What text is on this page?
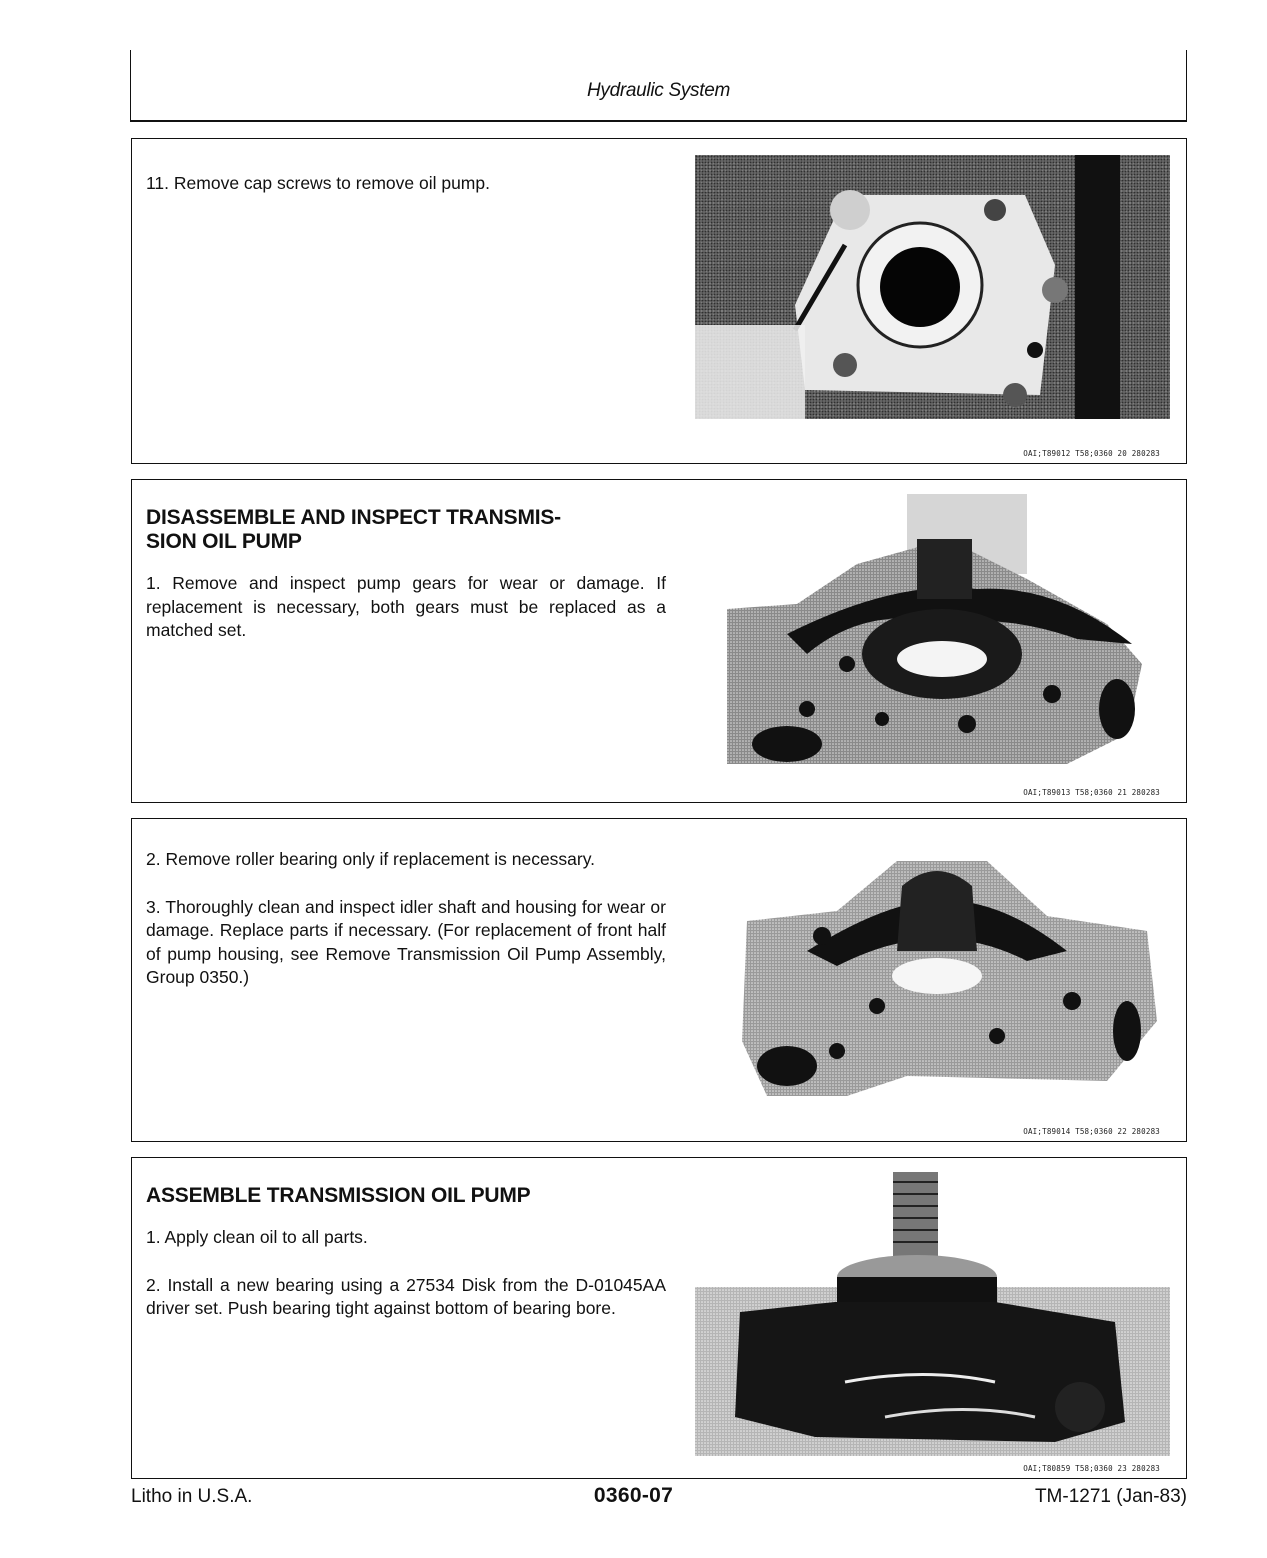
Hydraulic System

11. Remove cap screws to remove oil pump.

OAI;T89012 T58;0360 20 280283
DISASSEMBLE AND INSPECT TRANSMIS-
SION OIL PUMP

1. Remove and inspect pump gears for wear or damage. If replacement is necessary, both gears must be replaced as a matched set.

OAI;T89013 T58;0360 21 280283

2. Remove roller bearing only if replacement is necessary.

3. Thoroughly clean and inspect idler shaft and housing for wear or damage. Replace parts if necessary. (For replacement of front half of pump housing, see Remove Transmission Oil Pump Assembly, Group 0350.)

OAI;T89014 T58;0360 22 280283
ASSEMBLE TRANSMISSION OIL PUMP

1. Apply clean oil to all parts.

2. Install a new bearing using a 27534 Disk from the D-01045AA driver set. Push bearing tight against bottom of bearing bore.

OAI;T80859 T58;0360 23 280283
Litho in U.S.A.	0360-07	TM-1271 (Jan-83)
